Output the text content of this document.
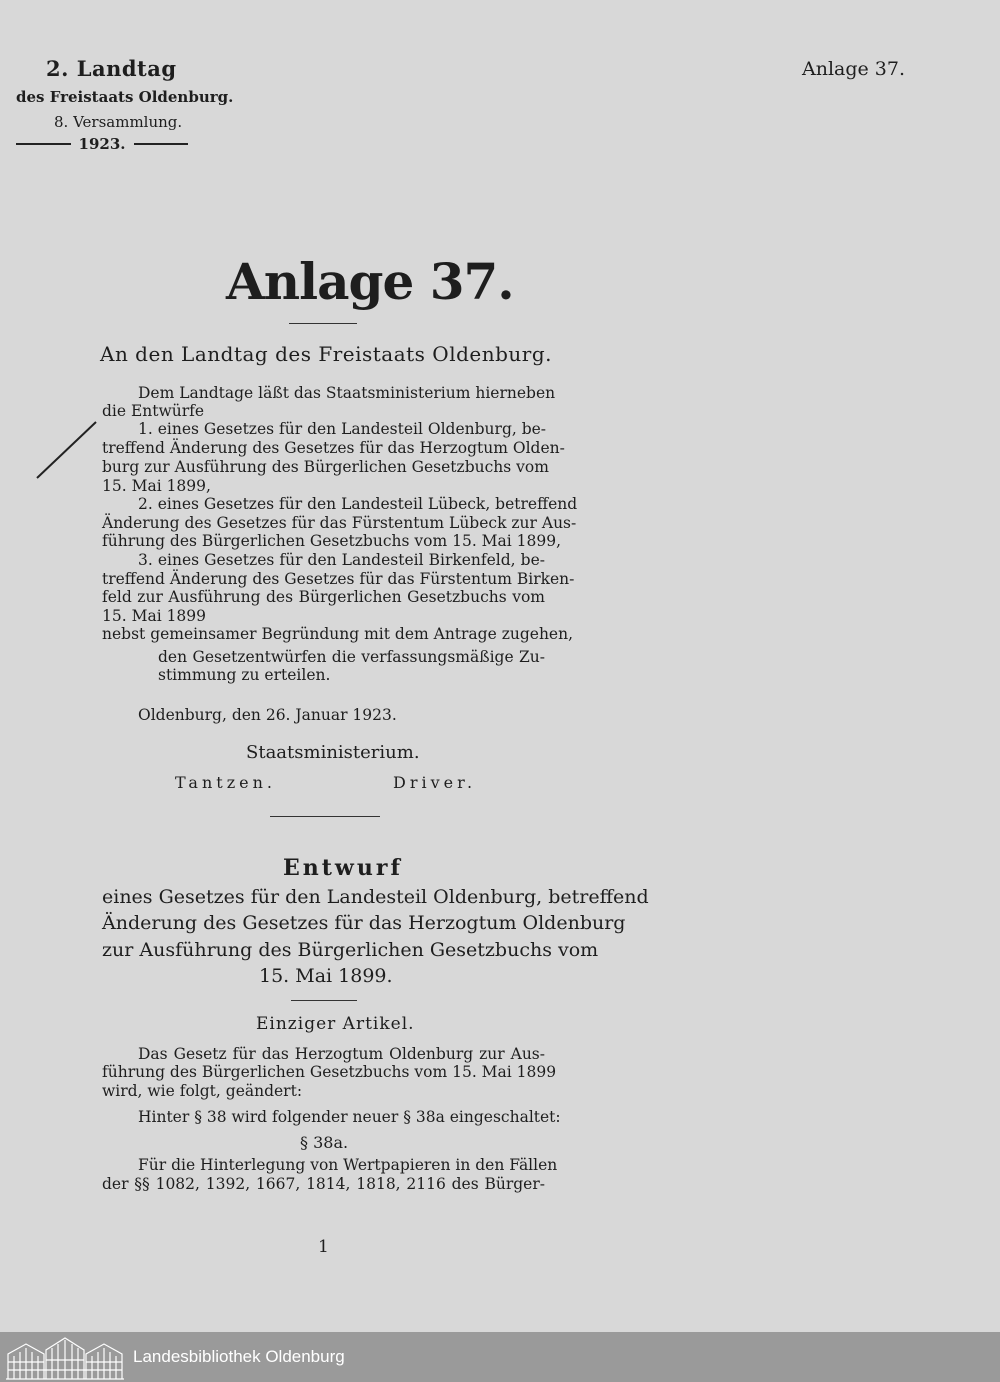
2. Landtag
des Freistaats Oldenburg.
8. Versammlung.
1923.
Anlage 37.
Anlage 37.
An den Landtag des Freistaats Oldenburg.
Dem Landtage läßt das Staatsministerium hierneben
die Entwürfe
1. eines Gesetzes für den Landesteil Oldenburg, be-
treffend Änderung des Gesetzes für das Herzogtum Olden-
burg zur Ausführung des Bürgerlichen Gesetzbuchs vom
15. Mai 1899,
2. eines Gesetzes für den Landesteil Lübeck, betreffend
Änderung des Gesetzes für das Fürstentum Lübeck zur Aus-
führung des Bürgerlichen Gesetzbuchs vom 15. Mai 1899,
3. eines Gesetzes für den Landesteil Birkenfeld, be-
treffend Änderung des Gesetzes für das Fürstentum Birken-
feld zur Ausführung des Bürgerlichen Gesetzbuchs vom
15. Mai 1899
nebst gemeinsamer Begründung mit dem Antrage zugehen,
den Gesetzentwürfen die verfassungsmäßige Zu-
stimmung zu erteilen.
Oldenburg, den 26. Januar 1923.
Staatsministerium.
Tantzen.	Driver.
Entwurf
eines Gesetzes für den Landesteil Oldenburg, betreffend
Änderung des Gesetzes für das Herzogtum Oldenburg
zur Ausführung des Bürgerlichen Gesetzbuchs vom
15. Mai 1899.
Einziger Artikel.
Das Gesetz für das Herzogtum Oldenburg zur Aus-
führung des Bürgerlichen Gesetzbuchs vom 15. Mai 1899
wird, wie folgt, geändert:
Hinter § 38 wird folgender neuer § 38a eingeschaltet:
§ 38a.
Für die Hinterlegung von Wertpapieren in den Fällen
der §§ 1082, 1392, 1667, 1814, 1818, 2116 des Bürger-
1
Landesbibliothek Oldenburg
